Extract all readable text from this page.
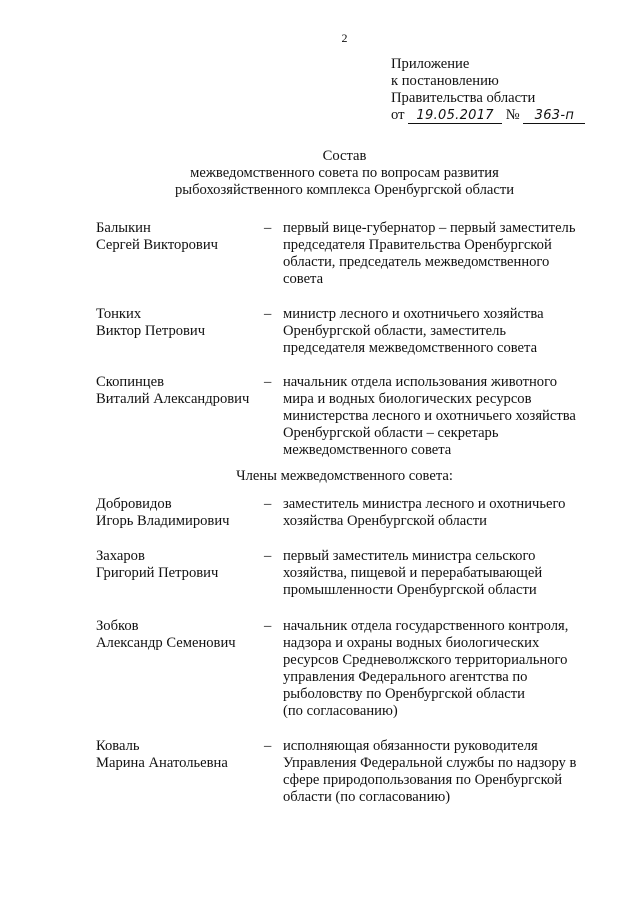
2
Приложение
к постановлению
Правительства области
от 19.05.2017 № 363-п
Состав
межведомственного совета по вопросам развития
рыбохозяйственного комплекса Оренбургской области
Балыкин
Сергей Викторович
– первый вице-губернатор – первый заместитель
председателя Правительства Оренбургской
области, председатель межведомственного
совета
Тонких
Виктор Петрович
– министр лесного и охотничьего хозяйства
Оренбургской области, заместитель
председателя межведомственного совета
Скопинцев
Виталий Александрович
– начальник отдела использования животного
мира и водных биологических ресурсов
министерства лесного и охотничьего хозяйства
Оренбургской области – секретарь
межведомственного совета
Члены межведомственного совета:
Добровидов
Игорь Владимирович
– заместитель министра лесного и охотничьего
хозяйства Оренбургской области
Захаров
Григорий Петрович
– первый заместитель министра сельского
хозяйства, пищевой и перерабатывающей
промышленности Оренбургской области
Зобков
Александр Семенович
– начальник отдела государственного контроля,
надзора и охраны водных биологических
ресурсов Средневолжского территориального
управления Федерального агентства по
рыболовству по Оренбургской области
(по согласованию)
Коваль
Марина Анатольевна
– исполняющая обязанности руководителя
Управления Федеральной службы по надзору в
сфере природопользования по Оренбургской
области (по согласованию)
